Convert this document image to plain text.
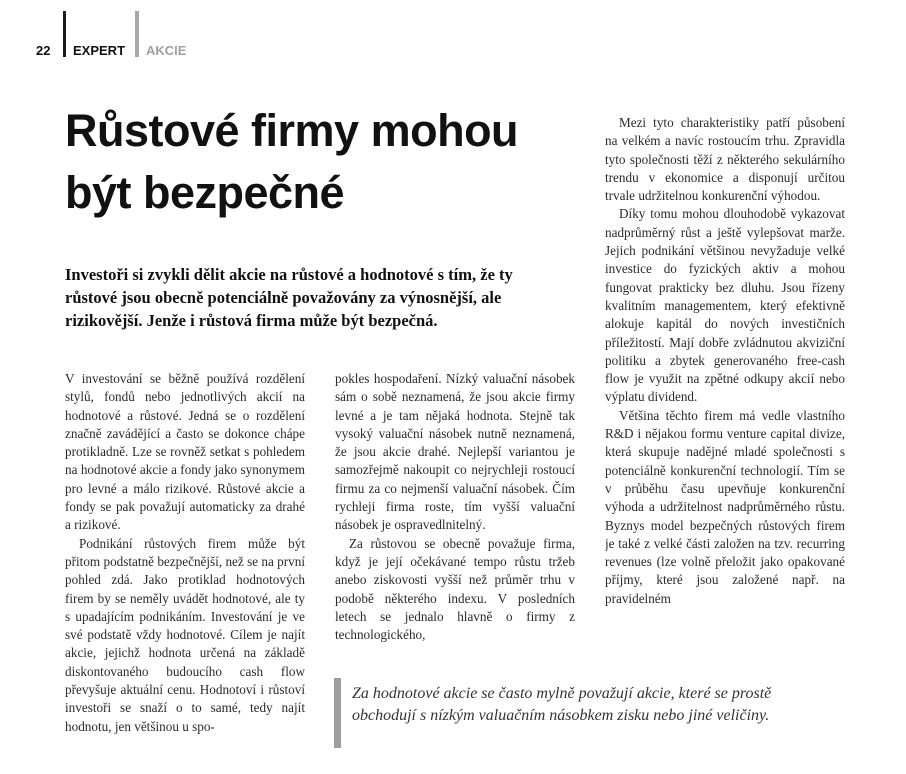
22 EXPERT AKCIE
Růstové firmy mohou být bezpečné
Investoři si zvykli dělit akcie na růstové a hodnotové s tím, že ty růstové jsou obecně potenciálně považovány za výnosnější, ale rizikovější. Jenže i růstová firma může být bezpečná.

V investování se běžně používá rozdělení stylů, fondů nebo jednotlivých akcií na hodnotové a růstové. Jedná se o rozdělení značně zavádějící a často se dokonce chápe protikladně. Lze se rovněž setkat s pohledem na hodnotové akcie a fondy jako synonymem pro levné a málo rizikové. Růstové akcie a fondy se pak považují automaticky za drahé a rizikové.

Podnikání růstových firem může být přitom podstatně bezpečnější, než se na první pohled zdá. Jako protiklad hodnotových firem by se neměly uvádět hodnotové, ale ty s upadajícím podnikáním. Investování je ve své podstatě vždy hodnotové. Cílem je najít akcie, jejichž hodnota určená na základě diskontovaného budoucího cash flow převyšuje aktuální cenu. Hodnotoví i růstoví investoři se snaží o to samé, tedy najít hodnotu, jen většinou u spo-

pokles hospodaření. Nízký valuační násobek sám o sobě neznamená, že jsou akcie firmy levné a je tam nějaká hodnota. Stejně tak vysoký valuační násobek nutně neznamená, že jsou akcie drahé. Nejlepší variantou je samozřejmě nakoupit co nejrychleji rostoucí firmu za co nejmenší valuační násobek. Čím rychleji firma roste, tím vyšší valuační násobek je ospravedlnitelný.

Za růstovou se obecně považuje firma, když je její očekávané tempo růstu tržeb anebo ziskovosti vyšší než průměr trhu v podobě některého indexu. V posledních letech se jednalo hlavně o firmy z technologického,

Mezi tyto charakteristiky patří působení na velkém a navíc rostoucím trhu. Zpravidla tyto společnosti těží z některého sekulárního trendu v ekonomice a disponují určitou trvale udržitelnou konkurenční výhodou.

Díky tomu mohou dlouhodobě vykazovat nadprůměrný růst a ještě vylepšovat marže. Jejich podnikání většinou nevyžaduje velké investice do fyzických aktiv a mohou fungovat prakticky bez dluhu. Jsou řízeny kvalitním managementem, který efektivně alokuje kapitál do nových investičních příležitostí. Mají dobře zvládnutou akviziční politiku a zbytek generovaného free-cash flow je využit na zpětné odkupy akcií nebo výplatu dividend.

Většina těchto firem má vedle vlastního R&D i nějakou formu venture capital divize, která skupuje nadějné mladé společnosti s potenciálně konkurenční technologií. Tím se v průběhu času upevňuje konkurenční výhoda a udržitelnost nadprůměrného růstu. Byznys model bezpečných růstových firem je také z velké části založen na tzv. recurring revenues (lze volně přeložit jako opakované příjmy, které jsou založené např. na pravidelném

Za hodnotové akcie se často mylně považují akcie, které se prostě obchodují s nízkým valuačním násobkem zisku nebo jiné veličiny.
